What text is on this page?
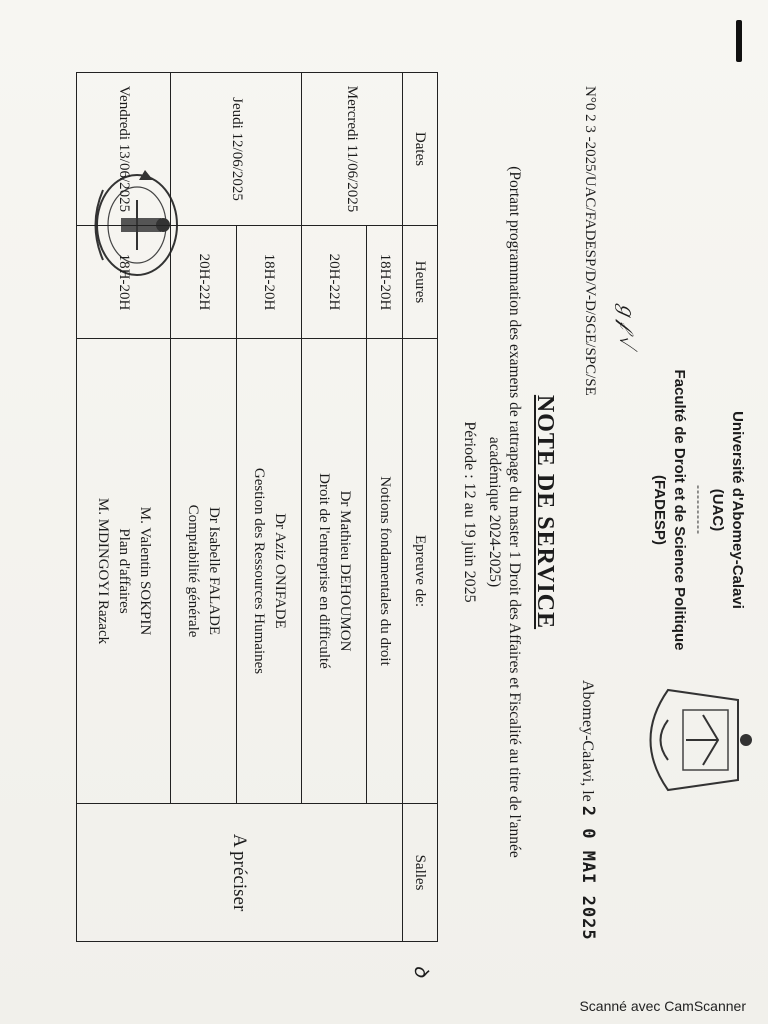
Université d'Abomey-Calavi
(UAC)
----------
Faculté de Droit et de Science Politique
(FADESP)
N°0 2 3 -2025/UAC/FADESP/D/V-D/SGE/SPC/SE ℊ𝒻 ✓
Abomey-Calavi, le 2 0 MAI 2025
NOTE DE SERVICE
(Portant programmation des examens de rattrapage du master 1 Droit des Affaires et Fiscalité au titre de l'année
académique 2024-2025)
Période : 12 au 19 juin 2025
Dates	Heures	Epreuve de:	Salles
Mercredi 11/06/2025	18H-20H	Notions fondamentales du droit	A préciser
	20H-22H	Dr Mathieu DEHOUMON
Droit de l'entreprise en difficulté	

Jeudi 12/06/2025	18H-20H	Dr Aziz ONIFADE
Gestion des Ressources Humaines	

	20H-22H	Dr Isabelle FALADE
Comptabilité générale	

Vendredi 13/06/2025	18H-20H	M. Valentin SOKPIN
Plan d'affaires
M. MDINGOYI Razack	
ꝺ
Scanné avec CamScanner
